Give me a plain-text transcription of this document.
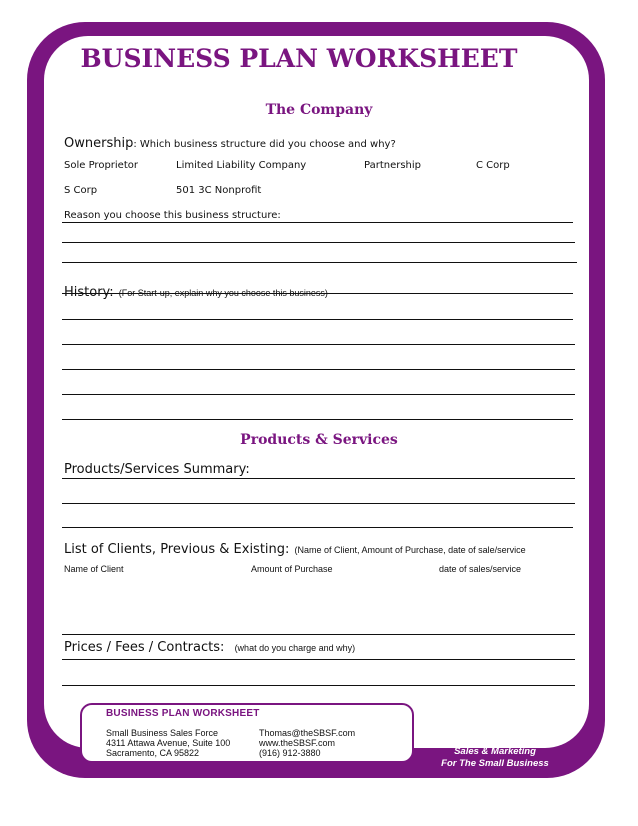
BUSINESS PLAN WORKSHEET
The Company
Ownership: Which business structure did you choose and why?
Sole Proprietor	Limited Liability Company	Partnership	C Corp
S Corp	501 3C Nonprofit
Reason you choose this business structure:
History: (For Start-up, explain why you choose this business)
Products & Services
Products/Services Summary:
List of Clients, Previous & Existing: (Name of Client, Amount of Purchase, date of sale/service
Name of Client	Amount of Purchase	date of sales/service
Prices / Fees / Contracts: (what do you charge and why)
BUSINESS PLAN WORKSHEET
Small Business Sales Force
4311 Attawa Avenue, Suite 100
Sacramento, CA 95822
Thomas@theSBSF.com
www.theSBSF.com
(916) 912-3880
Professional
Sales & Marketing
For The Small Business
